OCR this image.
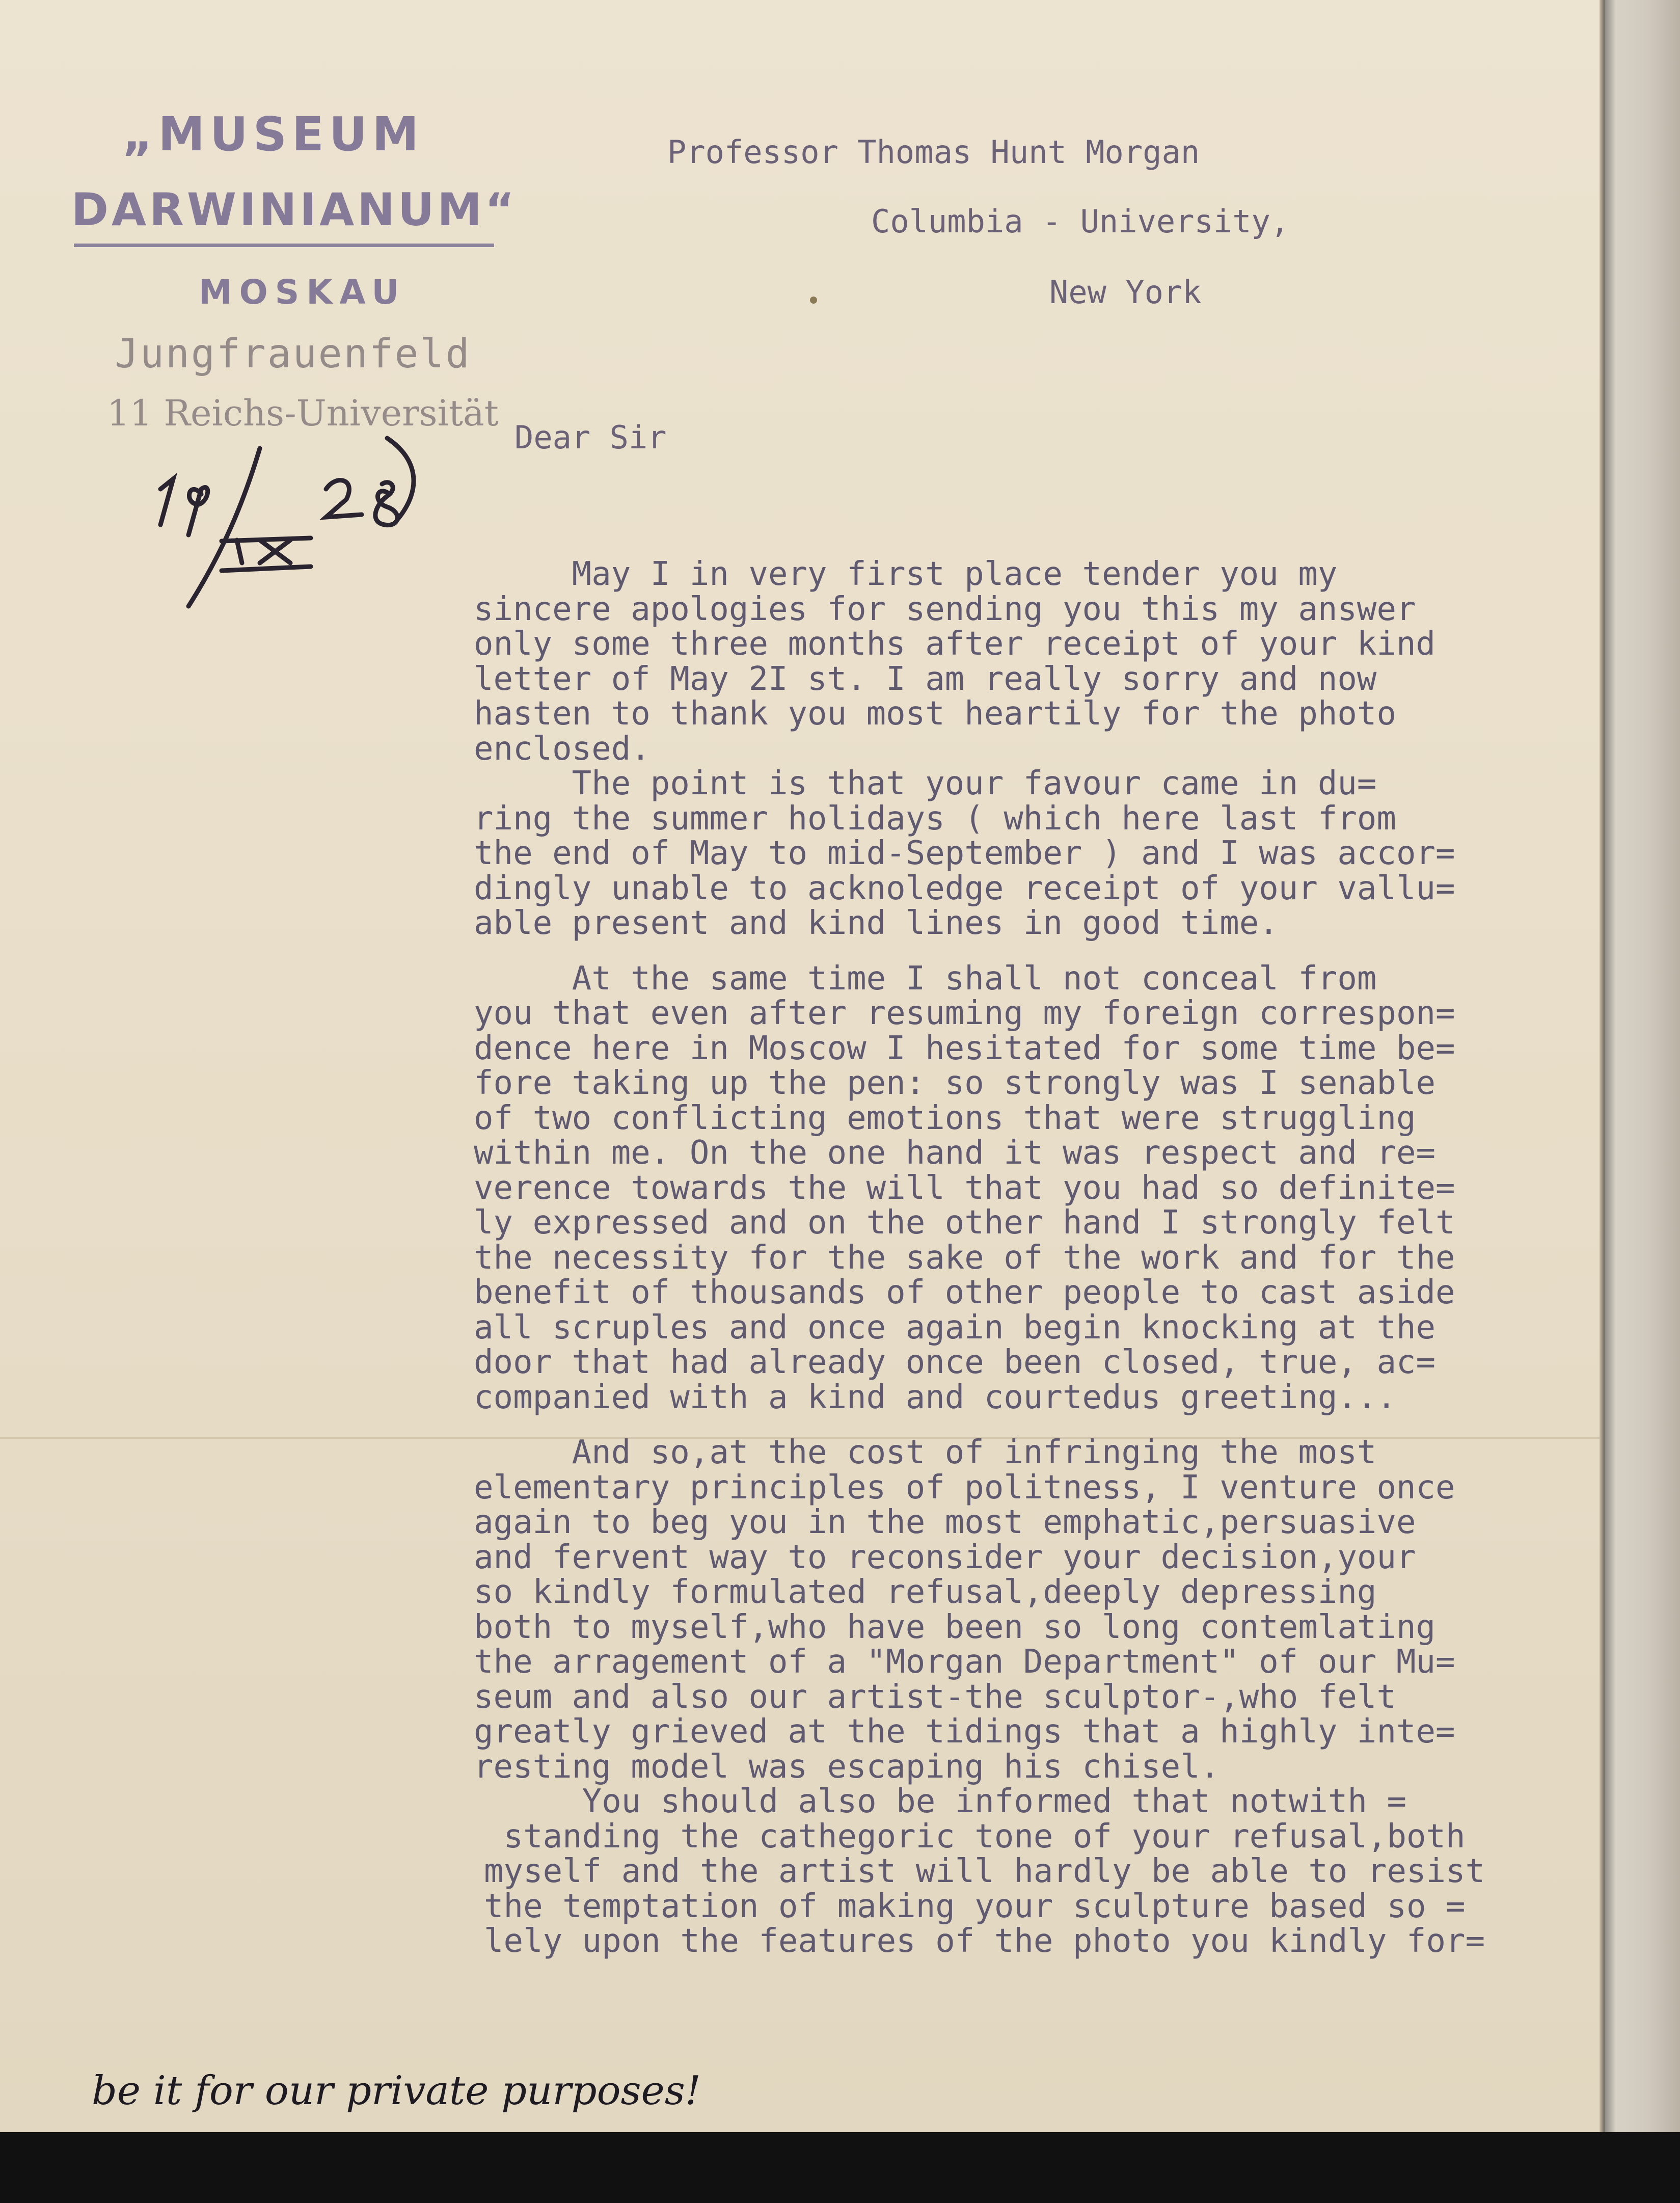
„MUSEUM
DARWINIANUM“
MOSKAU
Jungfrauenfeld
11 Reichs-Universität
Professor Thomas Hunt Morgan
Columbia - University,
New York
Dear Sir
May I in very first place tender you my
sincere apologies for sending you this my answer
only some three months after receipt of your kind
letter of May 2I st. I am really sorry and now
hasten to thank you most heartily for the photo
enclosed.
The point is that your favour came in du=
ring the summer holidays ( which here last from
the end of May to mid-September ) and I was accor=
dingly unable to acknoledge receipt of your vallu=
able present and kind lines in good time.
At the same time I shall not conceal from
you that even after resuming my foreign correspon=
dence here in Moscow I hesitated for some time be=
fore taking up the pen: so strongly was I senable
of two conflicting emotions that were struggling
within me. On the one hand it was respect and re=
verence towards the will that you had so definite=
ly expressed and on the other hand I strongly felt
the necessity for the sake of the work and for the
benefit of thousands of other people to cast aside
all scruples and once again begin knocking at the
door that had already once been closed, true, ac=
companied with a kind and courtedus greeting...
And so,at the cost of infringing the most
elementary principles of politness, I venture once
again to beg you in the most emphatic,persuasive
and fervent way to reconsider your decision,your
so kindly formulated refusal,deeply depressing
both to myself,who have been so long contemlating
the arragement of a "Morgan Department" of our Mu=
seum and also our artist-the sculptor-,who felt
greatly grieved at the tidings that a highly inte=
resting model was escaping his chisel.
You should also be informed that notwith =
standing the cathegoric tone of your refusal,both
myself and the artist will hardly be able to resist
the temptation of making your sculpture based so =
lely upon the features of the photo you kindly for=
be it for our private purposes!
